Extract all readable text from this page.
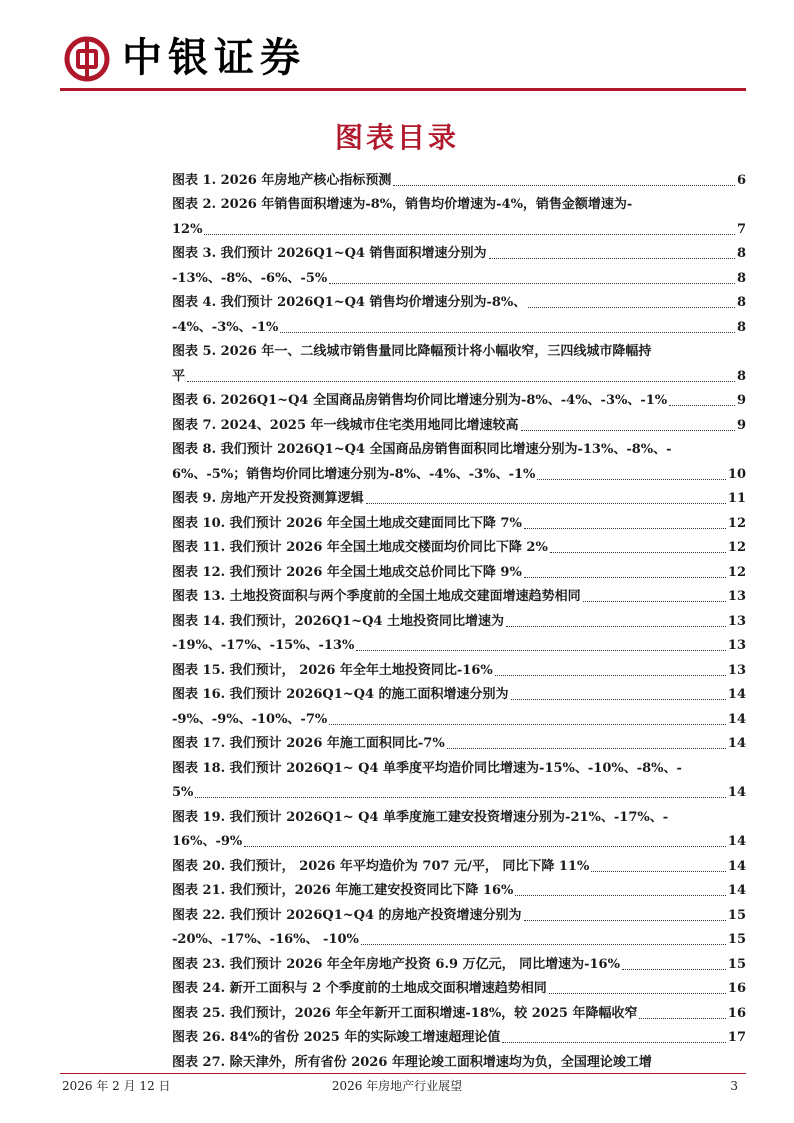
中银证券
图表目录
图表 1. 2026 年房地产核心指标预测	6
图表 2. 2026 年销售面积增速为-8%，销售均价增速为-4%，销售金额增速为-
12%	7
图表 3. 我们预计 2026Q1~Q4 销售面积增速分别为	8
-13%、-8%、-6%、-5%	8
图表 4. 我们预计 2026Q1~Q4 销售均价增速分别为-8%、	8
-4%、-3%、-1%	8
图表 5. 2026 年一、二线城市销售量同比降幅预计将小幅收窄，三四线城市降幅持
平	8
图表 6. 2026Q1~Q4 全国商品房销售均价同比增速分别为-8%、-4%、-3%、-1%	9
图表 7. 2024、2025 年一线城市住宅类用地同比增速较高	9
图表 8. 我们预计 2026Q1~Q4 全国商品房销售面积同比增速分别为-13%、-8%、-
6%、-5%；销售均价同比增速分别为-8%、-4%、-3%、-1%	10
图表 9. 房地产开发投资测算逻辑	11
图表 10. 我们预计 2026 年全国土地成交建面同比下降 7%	12
图表 11. 我们预计 2026 年全国土地成交楼面均价同比下降 2%	12
图表 12. 我们预计 2026 年全国土地成交总价同比下降 9%	12
图表 13. 土地投资面积与两个季度前的全国土地成交建面增速趋势相同	13
图表 14. 我们预计，2026Q1~Q4 土地投资同比增速为	13
-19%、-17%、-15%、-13%	13
图表 15. 我们预计， 2026 年全年土地投资同比-16%	13
图表 16. 我们预计 2026Q1~Q4 的施工面积增速分别为	14
-9%、-9%、-10%、-7%	14
图表 17. 我们预计 2026 年施工面积同比-7%	14
图表 18. 我们预计 2026Q1~ Q4 单季度平均造价同比增速为-15%、-10%、-8%、-
5%	14
图表 19. 我们预计 2026Q1~ Q4 单季度施工建安投资增速分别为-21%、-17%、-
16%、-9%	14
图表 20. 我们预计， 2026 年平均造价为 707 元/平， 同比下降 11%	14
图表 21. 我们预计，2026 年施工建安投资同比下降 16%	14
图表 22. 我们预计 2026Q1~Q4 的房地产投资增速分别为	15
-20%、-17%、-16%、 -10%	15
图表 23. 我们预计 2026 年全年房地产投资 6.9 万亿元， 同比增速为-16%	15
图表 24. 新开工面积与 2 个季度前的土地成交面积增速趋势相同	16
图表 25. 我们预计，2026 年全年新开工面积增速-18%，较 2025 年降幅收窄	16
图表 26. 84%的省份 2025 年的实际竣工增速超理论值	17
图表 27. 除天津外，所有省份 2026 年理论竣工面积增速均为负，全国理论竣工增
2026 年 2 月 12 日	2026 年房地产行业展望	3
